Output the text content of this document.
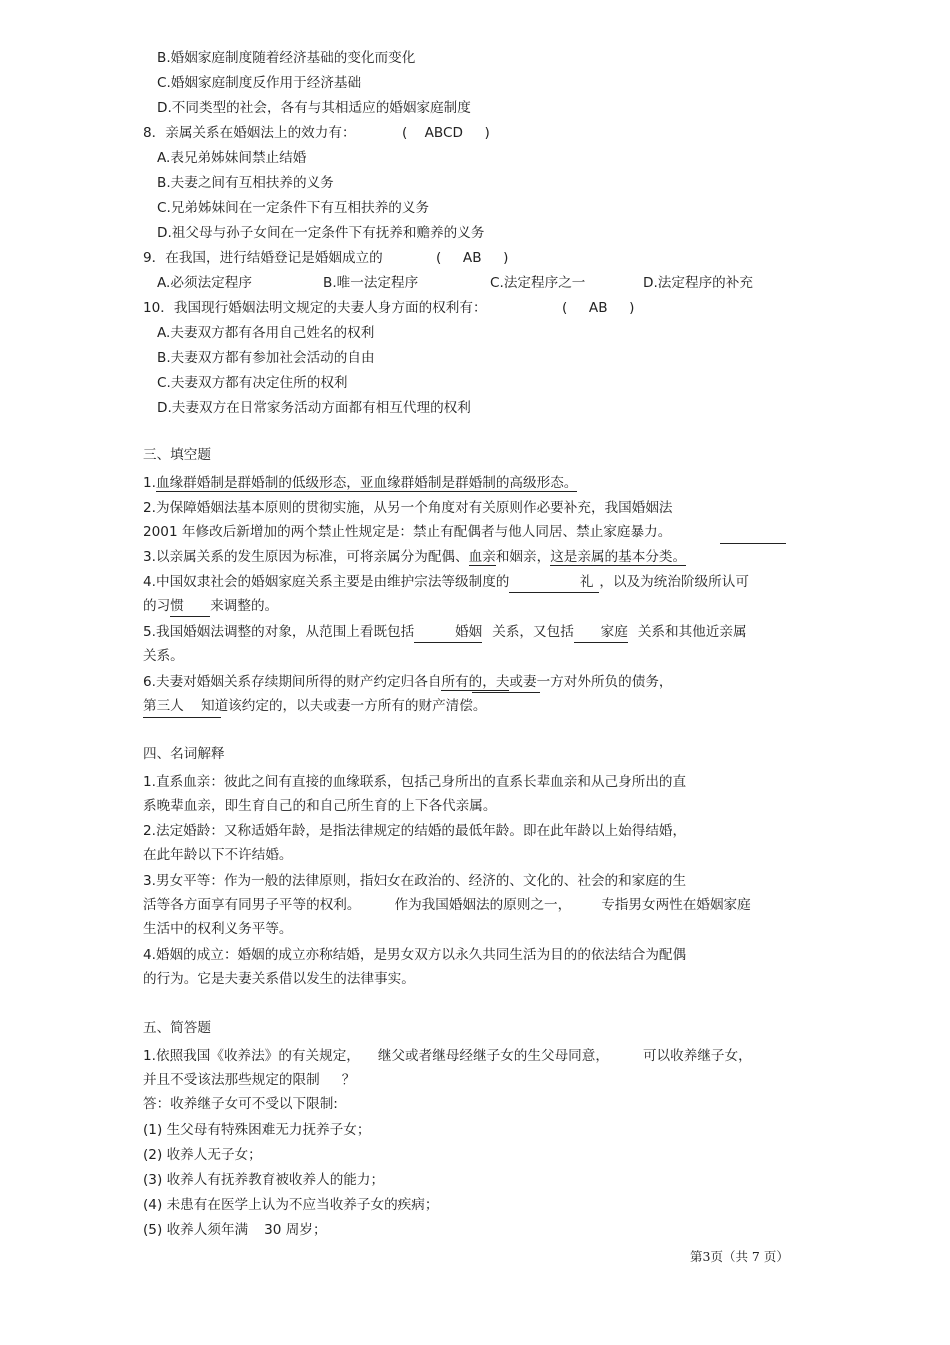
B.婚姻家庭制度随着经济基础的变化而变化
C.婚姻家庭制度反作用于经济基础
D.不同类型的社会，各有与其相适应的婚姻家庭制度
8．亲属关系在婚姻法上的效力有：	(    ABCD     )
A.表兄弟姊妹间禁止结婚
B.夫妻之间有互相扶养的义务
C.兄弟姊妹间在一定条件下有互相扶养的义务
D.祖父母与孙子女间在一定条件下有抚养和赡养的义务
9．在我国，进行结婚登记是婚姻成立的	(     AB     )
A.必须法定程序	B.唯一法定程序	C.法定程序之一	D.法定程序的补充
10．我国现行婚姻法明文规定的夫妻人身方面的权利有：	(     AB     )
A.夫妻双方都有各用自己姓名的权利
B.夫妻双方都有参加社会活动的自由
C.夫妻双方都有决定住所的权利
D.夫妻双方在日常家务活动方面都有相互代理的权利
三、填空题
1.血缘群婚制是群婚制的低级形态，亚血缘群婚制是群婚制的高级形态。
2.为保障婚姻法基本原则的贯彻实施，从另一个角度对有关原则作必要补充，我国婚姻法
2001 年修改后新增加的两个禁止性规定是：禁止有配偶者与他人同居、禁止家庭暴力。
3.以亲属关系的发生原因为标准，可将亲属分为配偶、血亲和姻亲，这是亲属的基本分类。
4.中国奴隶社会的婚姻家庭关系主要是由维护宗法等级制度的	礼 ，以及为统治阶级所认可
的习惯 来调整的。
5.我国婚姻法调整的对象，从范围上看既包括	婚姻 关系，又包括 家庭 关系和其他近亲属
关系。
6.夫妻对婚姻关系存续期间所得的财产约定归各自所有的，夫或妻一方对外所负的债务，
第三人 知道该约定的，以夫或妻一方所有的财产清偿。
四、名词解释
1.直系血亲：彼此之间有直接的血缘联系，包括己身所出的直系长辈血亲和从己身所出的直
系晚辈血亲，即生育自己的和自己所生育的上下各代亲属。
2.法定婚龄：又称适婚年龄，是指法律规定的结婚的最低年龄。即在此年龄以上始得结婚，
在此年龄以下不许结婚。
3.男女平等：作为一般的法律原则，指妇女在政治的、经济的、文化的、社会的和家庭的生
活等各方面享有同男子平等的权利。	作为我国婚姻法的原则之一， 专指男女两性在婚姻家庭
生活中的权利义务平等。
4.婚姻的成立：婚姻的成立亦称结婚，是男女双方以永久共同生活为目的的依法结合为配偶
的行为。它是夫妻关系借以发生的法律事实。
五、简答题
1.依照我国《收养法》的有关规定， 继父或者继母经继子女的生父母同意，	可以收养继子女，
并且不受该法那些规定的限制 ？
答：收养继子女可不受以下限制:
(1) 生父母有特殊困难无力抚养子女；
(2) 收养人无子女；
(3) 收养人有抚养教育被收养人的能力；
(4) 未患有在医学上认为不应当收养子女的疾病；
(5) 收养人须年满 30 周岁；
第3页（共 7 页）
